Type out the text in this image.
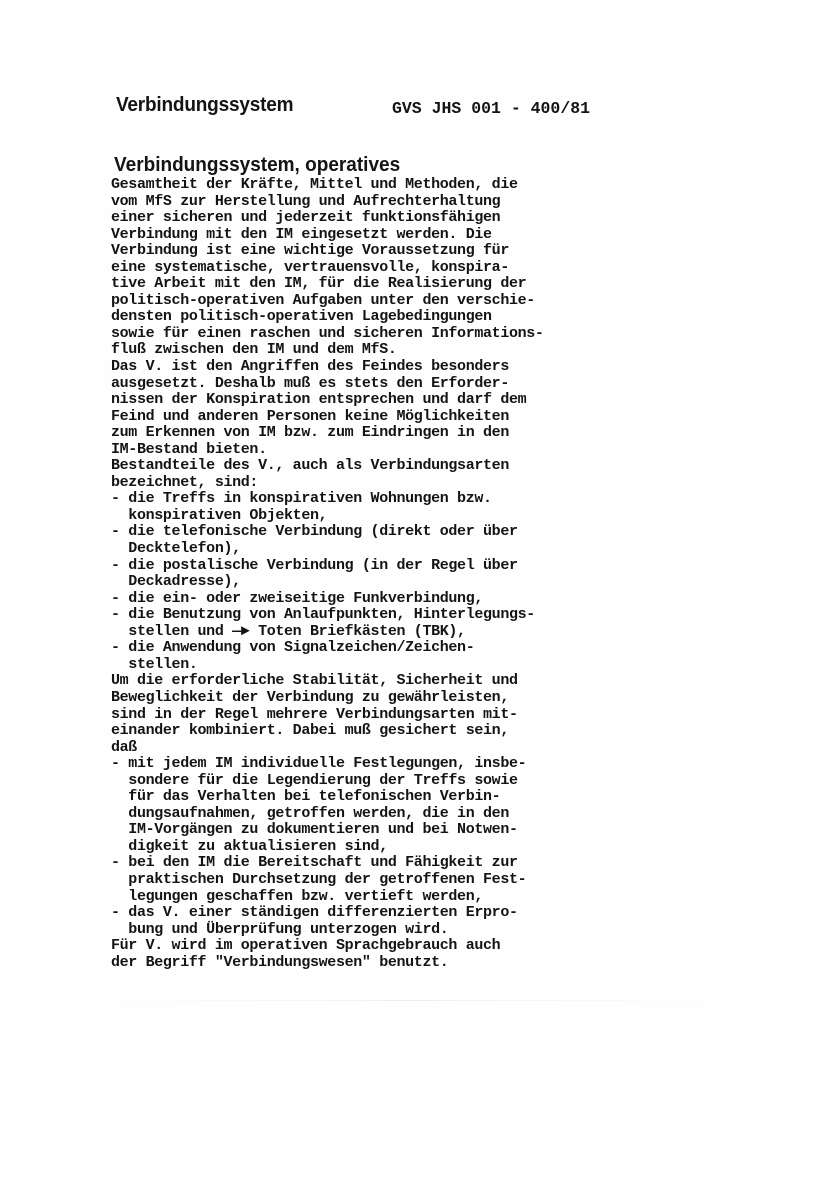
Verbindungssystem	GVS JHS 001 - 400/81
Verbindungssystem, operatives
Gesamtheit der Kräfte, Mittel und Methoden, die
vom MfS zur Herstellung und Aufrechterhaltung
einer sicheren und jederzeit funktionsfähigen
Verbindung mit den IM eingesetzt werden. Die
Verbindung ist eine wichtige Voraussetzung für
eine systematische, vertrauensvolle, konspira-
tive Arbeit mit den IM, für die Realisierung der
politisch-operativen Aufgaben unter den verschie-
densten politisch-operativen Lagebedingungen
sowie für einen raschen und sicheren Informations-
fluß zwischen den IM und dem MfS.
Das V. ist den Angriffen des Feindes besonders
ausgesetzt. Deshalb muß es stets den Erforder-
nissen der Konspiration entsprechen und darf dem
Feind und anderen Personen keine Möglichkeiten
zum Erkennen von IM bzw. zum Eindringen in den
IM-Bestand bieten.
Bestandteile des V., auch als Verbindungsarten
bezeichnet, sind:
- die Treffs in konspirativen Wohnungen bzw.
konspirativen Objekten,
- die telefonische Verbindung (direkt oder über
Decktelefon),
- die postalische Verbindung (in der Regel über
Deckadresse),
- die ein- oder zweiseitige Funkverbindung,
- die Benutzung von Anlaufpunkten, Hinterlegungs-
stellen und —► Toten Briefkästen (TBK),
- die Anwendung von Signalzeichen/Zeichen-
stellen.
Um die erforderliche Stabilität, Sicherheit und
Beweglichkeit der Verbindung zu gewährleisten,
sind in der Regel mehrere Verbindungsarten mit-
einander kombiniert. Dabei muß gesichert sein,
daß
- mit jedem IM individuelle Festlegungen, insbe-
sondere für die Legendierung der Treffs sowie
für das Verhalten bei telefonischen Verbin-
dungsaufnahmen, getroffen werden, die in den
IM-Vorgängen zu dokumentieren und bei Notwen-
digkeit zu aktualisieren sind,
- bei den IM die Bereitschaft und Fähigkeit zur
praktischen Durchsetzung der getroffenen Fest-
legungen geschaffen bzw. vertieft werden,
- das V. einer ständigen differenzierten Erpro-
bung und Überprüfung unterzogen wird.
Für V. wird im operativen Sprachgebrauch auch
der Begriff "Verbindungswesen" benutzt.
